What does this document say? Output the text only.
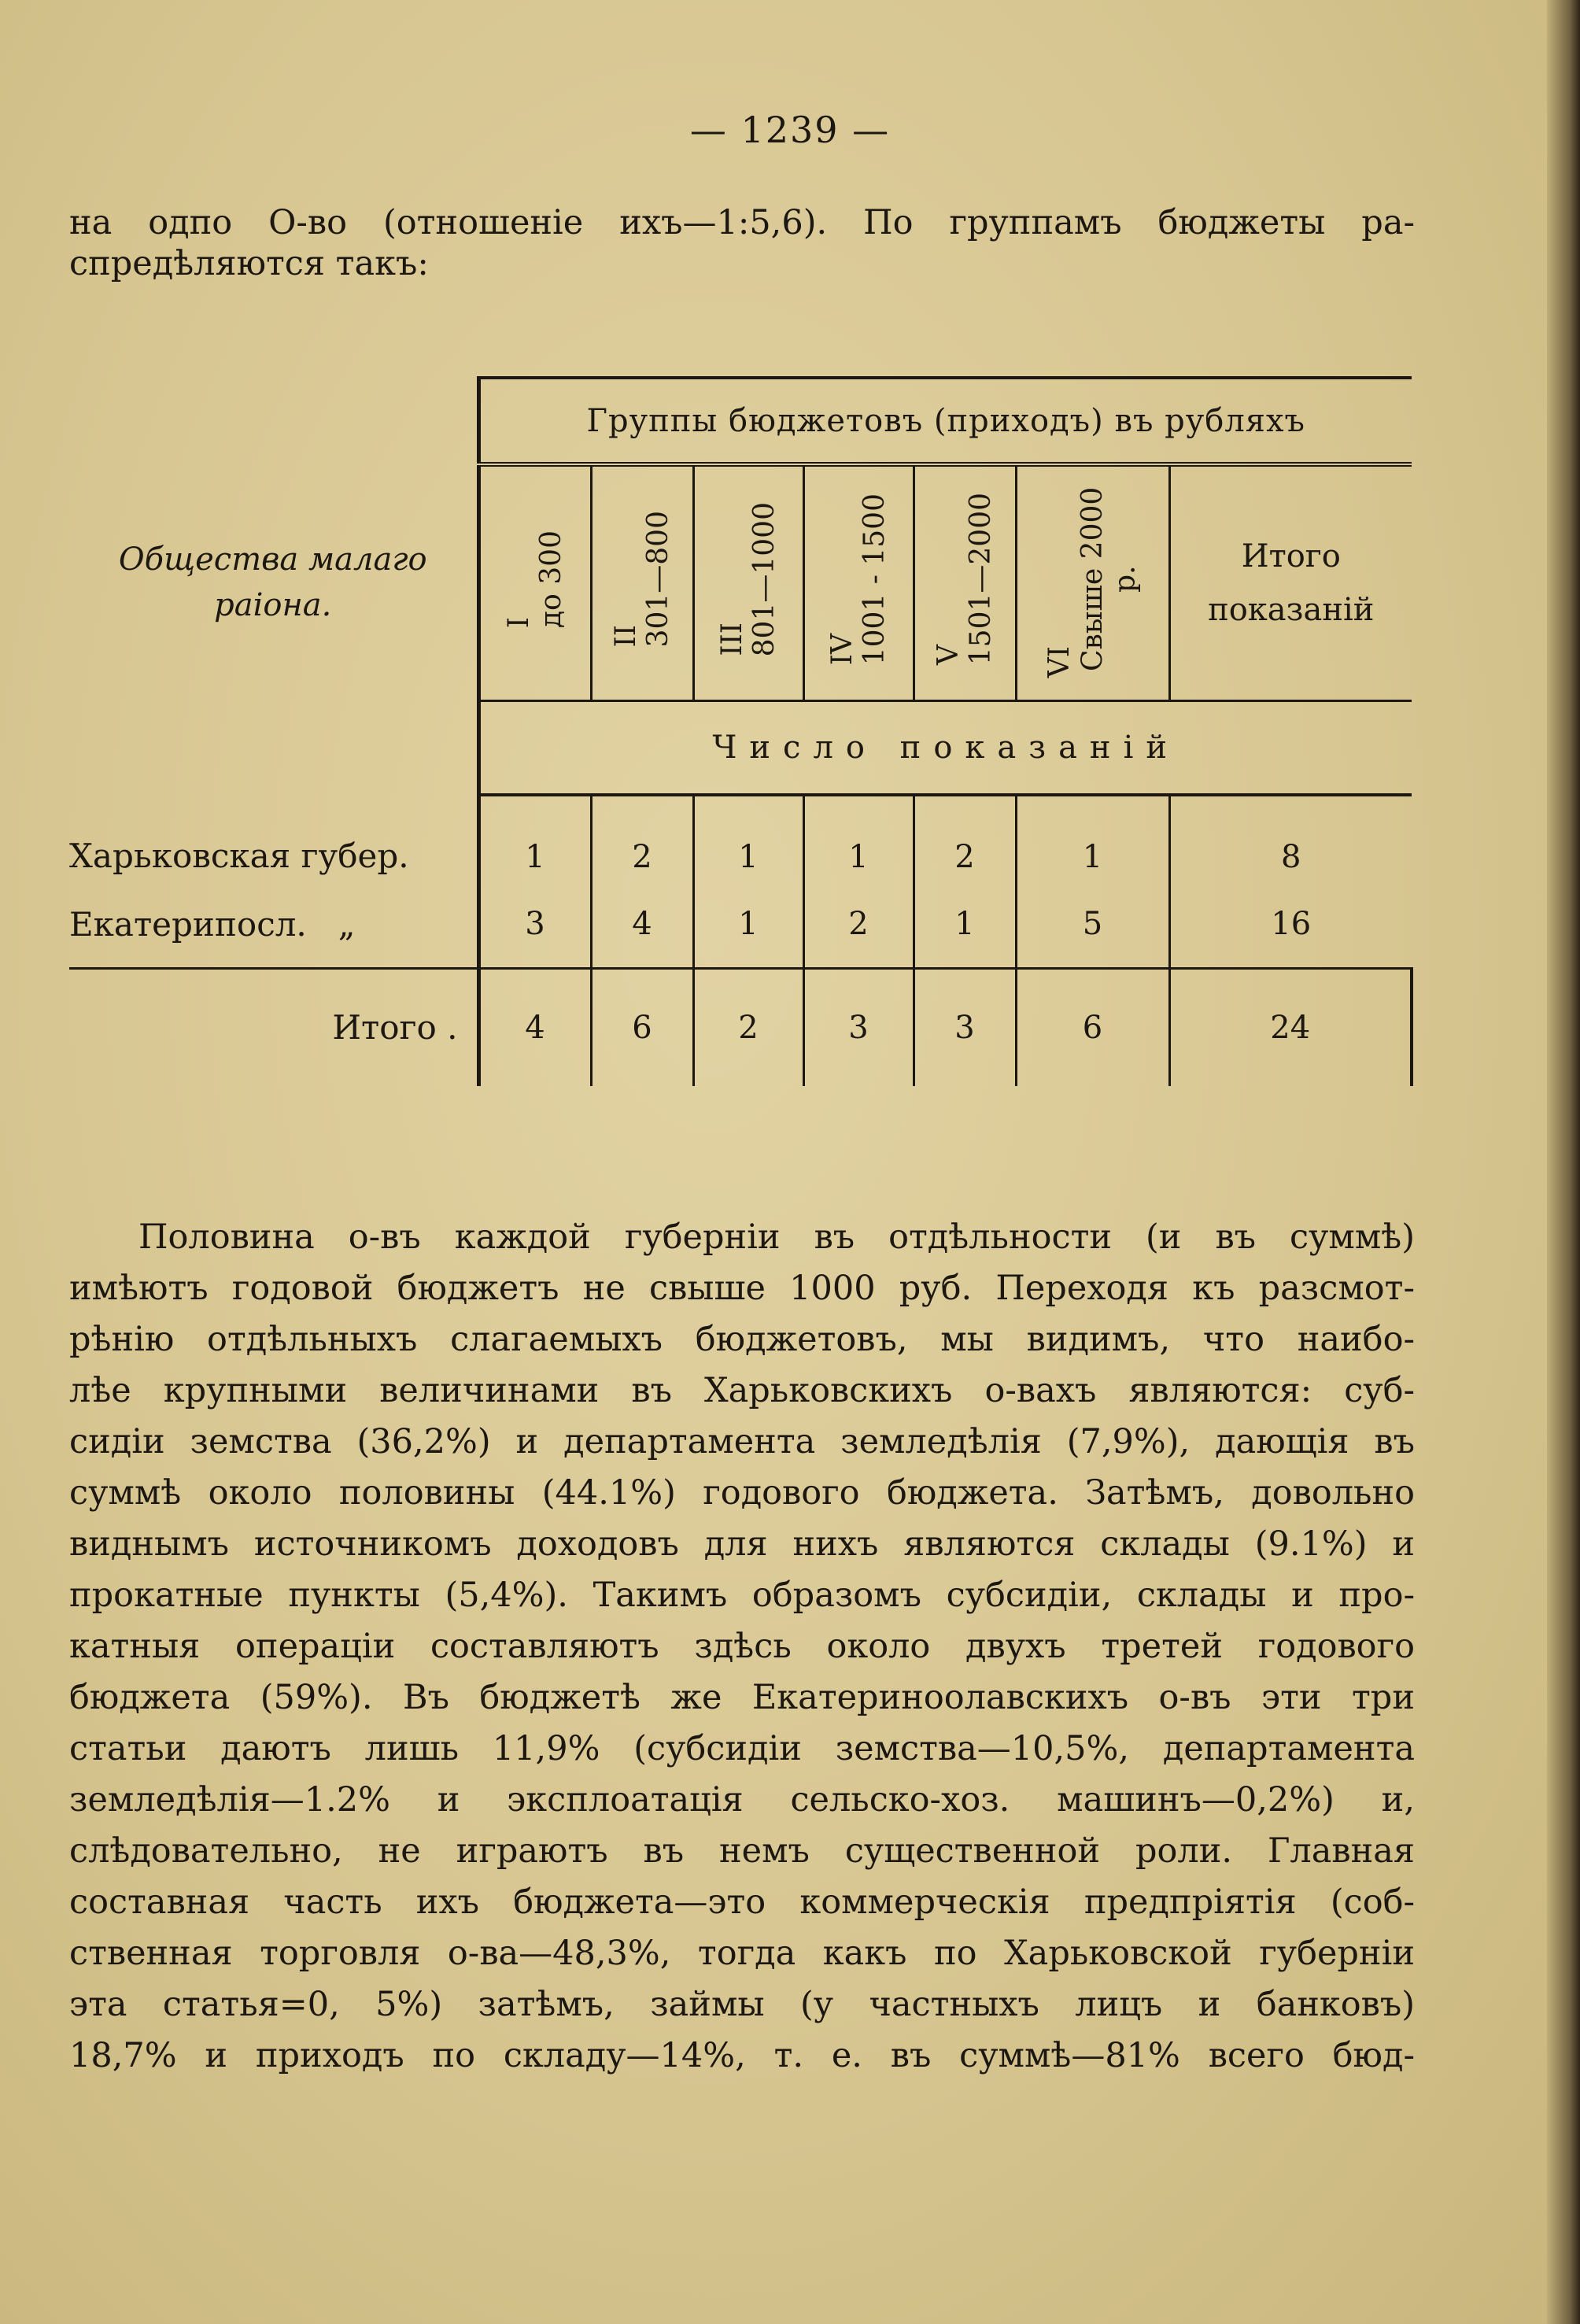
— 1239 —
на одпо О-во (отношеніе ихъ—1:5,6). По группамъ бюджеты ра-
спредѣляются такъ:
Общества малаго раіона.	Группы бюджетовъ (приходъ) въ рубляхъ						
	Iдо 300	II301—800	III801—1000	IV1001 - 1500	V1501—2000	VIСвыше 2000 р.	Итого показаній

	Число показаній						
Харьковская губер.	1	2	1	1	2	1	8
Екатерипосл.   „	3	4	1	2	1	5	16
Итого .	4	6	2	3	3	6	24
Половина о-въ каждой губерніи въ отдѣльности (и въ суммѣ)
имѣютъ годовой бюджетъ не свыше 1000 руб. Переходя къ разсмот-
рѣнію отдѣльныхъ слагаемыхъ бюджетовъ, мы видимъ, что наибо-
лѣе крупными величинами въ Харьковскихъ о-вахъ являются: суб-
сидіи земства (36,2%) и департамента земледѣлія (7,9%), дающія въ
суммѣ около половины (44.1%) годового бюджета. Затѣмъ, довольно
виднымъ источникомъ доходовъ для нихъ являются склады (9.1%) и
прокатные пункты (5,4%). Такимъ образомъ субсидіи, склады и про-
катныя операціи составляютъ здѣсь около двухъ третей годового
бюджета (59%). Въ бюджетѣ же Екатериноолавскихъ о-въ эти три
статьи даютъ лишь 11,9% (субсидіи земства—10,5%, департамента
земледѣлія—1.2% и эксплоатація сельско-хоз. машинъ—0,2%) и,
слѣдовательно, не играютъ въ немъ существенной роли. Главная
составная часть ихъ бюджета—это коммерческія предпріятія (соб-
ственная торговля о-ва—48,3%, тогда какъ по Харьковской губерніи
эта статья=0, 5%) затѣмъ, займы (у частныхъ лицъ и банковъ)
18,7% и приходъ по складу—14%, т. е. въ суммѣ—81% всего бюд-
